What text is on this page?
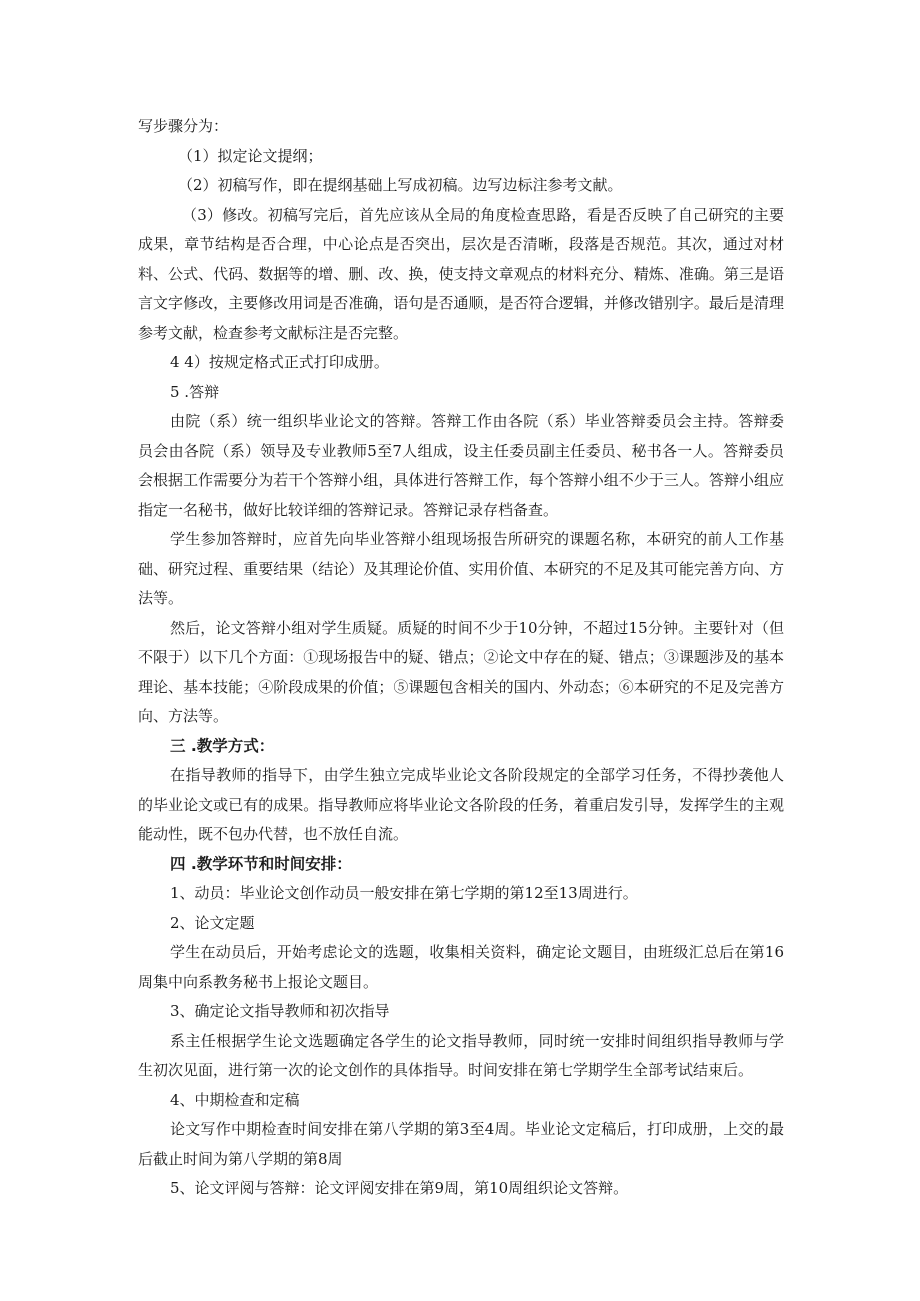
写步骤分为：

（1）拟定论文提纲；

（2）初稿写作，即在提纲基础上写成初稿。边写边标注参考文献。

（3）修改。初稿写完后，首先应该从全局的角度检查思路，看是否反映了自己研究的主要成果，章节结构是否合理，中心论点是否突出，层次是否清晰，段落是否规范。其次，通过对材料、公式、代码、数据等的增、删、改、换，使支持文章观点的材料充分、精炼、准确。第三是语言文字修改，主要修改用词是否准确，语句是否通顺，是否符合逻辑，并修改错别字。最后是清理参考文献，检查参考文献标注是否完整。

4 4）按规定格式正式打印成册。

5 .答辩

由院（系）统一组织毕业论文的答辩。答辩工作由各院（系）毕业答辩委员会主持。答辩委员会由各院（系）领导及专业教师5至7人组成，设主任委员副主任委员、秘书各一人。答辩委员会根据工作需要分为若干个答辩小组，具体进行答辩工作，每个答辩小组不少于三人。答辩小组应指定一名秘书，做好比较详细的答辩记录。答辩记录存档备查。

学生参加答辩时，应首先向毕业答辩小组现场报告所研究的课题名称，本研究的前人工作基础、研究过程、重要结果（结论）及其理论价值、实用价值、本研究的不足及其可能完善方向、方法等。

然后，论文答辩小组对学生质疑。质疑的时间不少于10分钟，不超过15分钟。主要针对（但不限于）以下几个方面：①现场报告中的疑、错点；②论文中存在的疑、错点；③课题涉及的基本理论、基本技能；④阶段成果的价值；⑤课题包含相关的国内、外动态；⑥本研究的不足及完善方向、方法等。

三 .教学方式：

在指导教师的指导下，由学生独立完成毕业论文各阶段规定的全部学习任务，不得抄袭他人的毕业论文或已有的成果。指导教师应将毕业论文各阶段的任务，着重启发引导，发挥学生的主观能动性，既不包办代替，也不放任自流。

四 .教学环节和时间安排：

1、动员：毕业论文创作动员一般安排在第七学期的第12至13周进行。

2、论文定题

学生在动员后，开始考虑论文的选题，收集相关资料，确定论文题目，由班级汇总后在第16周集中向系教务秘书上报论文题目。

3、确定论文指导教师和初次指导

系主任根据学生论文选题确定各学生的论文指导教师，同时统一安排时间组织指导教师与学生初次见面，进行第一次的论文创作的具体指导。时间安排在第七学期学生全部考试结束后。

4、中期检查和定稿

论文写作中期检查时间安排在第八学期的第3至4周。毕业论文定稿后，打印成册，上交的最后截止时间为第八学期的第8周

5、论文评阅与答辩：论文评阅安排在第9周，第10周组织论文答辩。
